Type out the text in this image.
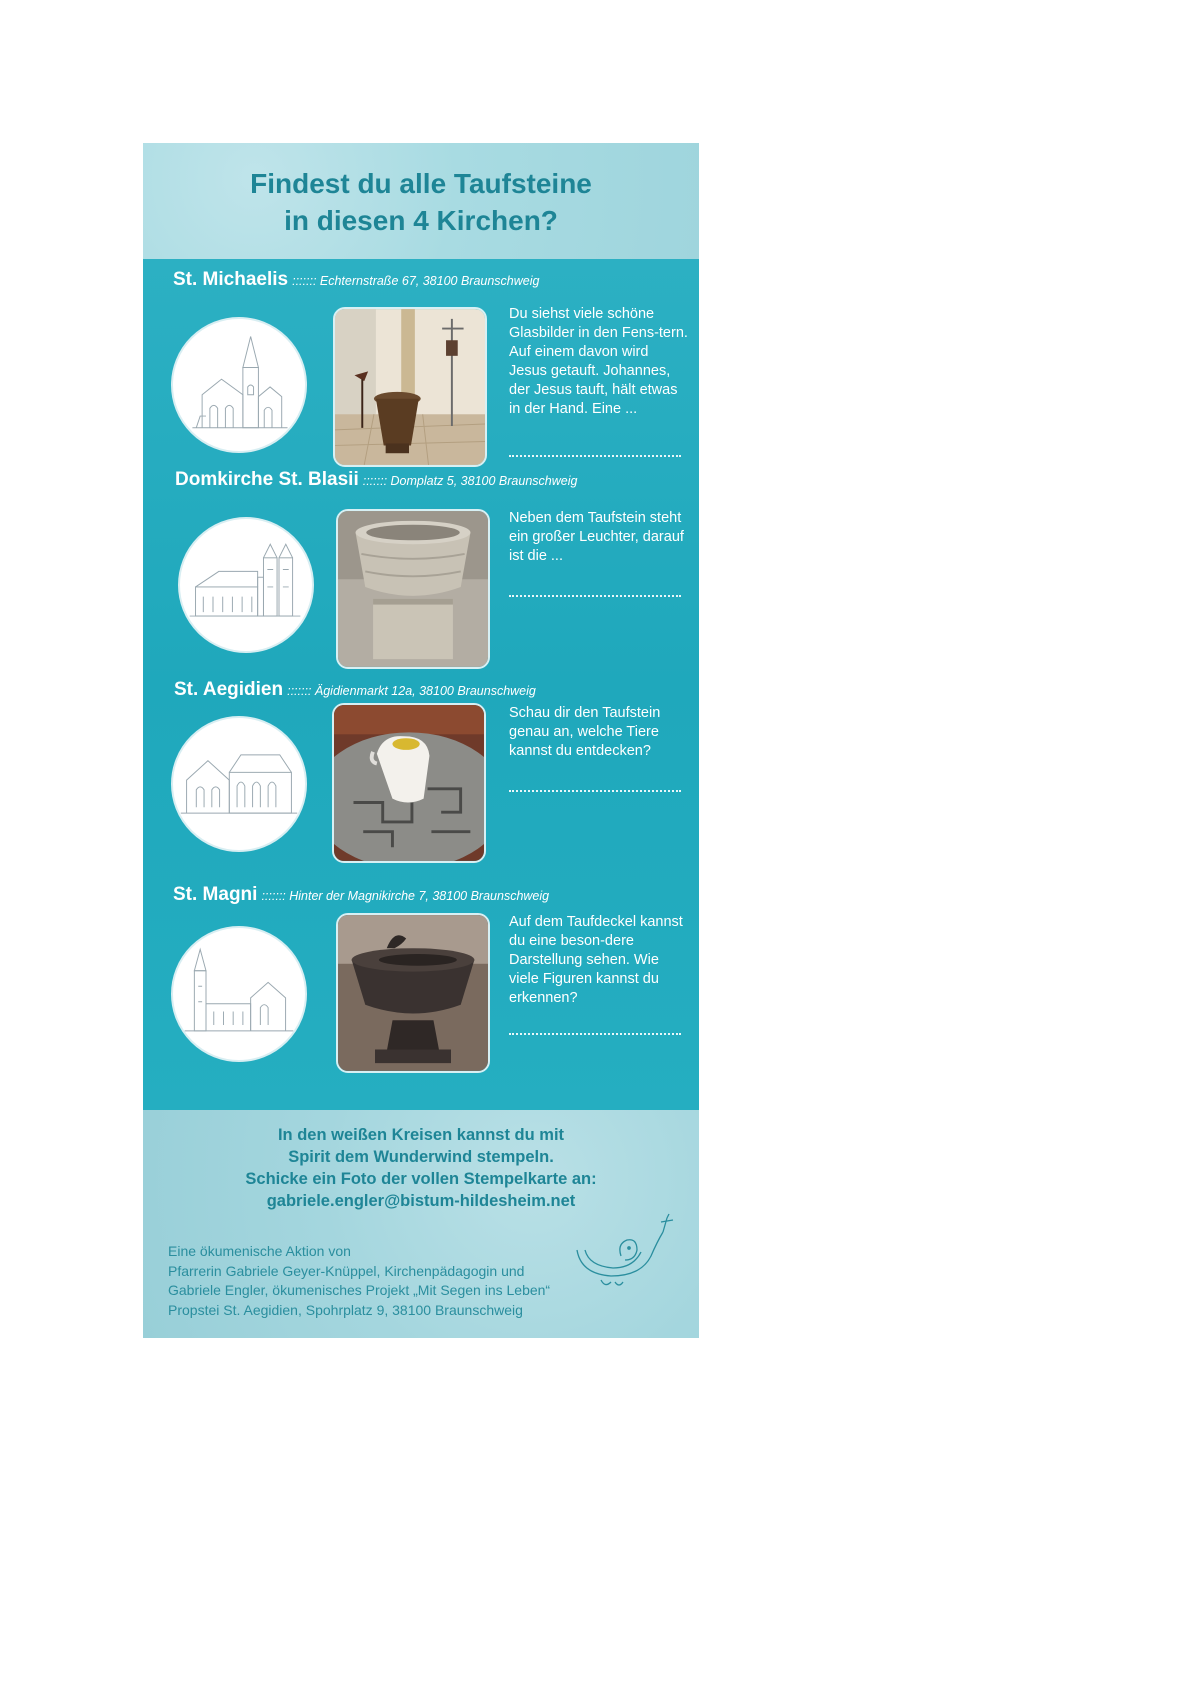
Findest du alle Taufsteine
in diesen 4 Kirchen?
St. Michaelis ::::::: Echternstraße 67, 38100 Braunschweig
Du siehst viele schöne Glasbilder in den Fens-tern. Auf einem davon wird Jesus getauft. Johannes, der Jesus tauft, hält etwas in der Hand. Eine ...
Domkirche St. Blasii ::::::: Domplatz 5, 38100 Braunschweig
Neben dem Taufstein steht ein großer Leuchter, darauf ist die ...
St. Aegidien ::::::: Ägidienmarkt 12a, 38100 Braunschweig
Schau dir den Taufstein genau an, welche Tiere kannst du entdecken?
St. Magni ::::::: Hinter der Magnikirche 7, 38100 Braunschweig
Auf dem Taufdeckel kannst du eine beson-dere Darstellung sehen. Wie viele Figuren kannst du erkennen?
In den weißen Kreisen kannst du mit
Spirit dem Wunderwind stempeln.
Schicke ein Foto der vollen Stempelkarte an:
gabriele.engler@bistum-hildesheim.net
Eine ökumenische Aktion von
Pfarrerin Gabriele Geyer-Knüppel, Kirchenpädagogin und
Gabriele Engler, ökumenisches Projekt „Mit Segen ins Leben“
Propstei St. Aegidien, Spohrplatz 9, 38100 Braunschweig
